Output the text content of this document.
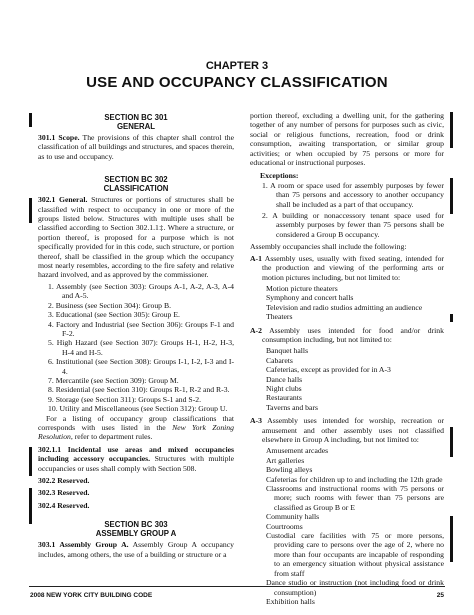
CHAPTER 3
USE AND OCCUPANCY CLASSIFICATION
SECTION BC 301
GENERAL

301.1 Scope. The provisions of this chapter shall control the classification of all buildings and structures, and spaces therein, as to use and occupancy.

SECTION BC 302
CLASSIFICATION

302.1 General. Structures or portions of structures shall be classified with respect to occupancy in one or more of the groups listed below. Structures with multiple uses shall be classified according to Section 302.1.1‡. Where a structure, or portion thereof, is proposed for a purpose which is not specifically provided for in this code, such structure, or portion thereof, shall be classified in the group which the occupancy most nearly resembles, according to the fire safety and relative hazard involved, and as approved by the commissioner.

1. Assembly (see Section 303): Groups A-1, A-2, A-3, A-4 and A-5.

2. Business (see Section 304): Group B.

3. Educational (see Section 305): Group E.

4. Factory and Industrial (see Section 306): Groups F-1 and F-2.

5. High Hazard (see Section 307): Groups H-1, H-2, H-3, H-4 and H-5.

6. Institutional (see Section 308): Groups I-1, I-2, I-3 and I-4.

7. Mercantile (see Section 309): Group M.

8. Residential (see Section 310): Groups R-1, R-2 and R-3.

9. Storage (see Section 311): Groups S-1 and S-2.

10. Utility and Miscellaneous (see Section 312): Group U.

For a listing of occupancy group classifications that corresponds with uses listed in the New York Zoning Resolution, refer to department rules.

302.1.1 Incidental use areas and mixed occupancies including accessory occupancies. Structures with multiple occupancies or uses shall comply with Section 508.

302.2 Reserved.

302.3 Reserved.

302.4 Reserved.

SECTION BC 303
ASSEMBLY GROUP A

303.1 Assembly Group A. Assembly Group A occupancy includes, among others, the use of a building or structure or a

portion thereof, excluding a dwelling unit, for the gathering together of any number of persons for purposes such as civic, social or religious functions, recreation, food or drink consumption, awaiting transportation, or similar group activities; or when occupied by 75 persons or more for educational or instructional purposes.

Exceptions:

1. A room or space used for assembly purposes by fewer than 75 persons and accessory to another occupancy shall be included as a part of that occupancy.

2. A building or nonaccessory tenant space used for assembly purposes by fewer than 75 persons shall be considered a Group B occupancy.

Assembly occupancies shall include the following:

A-1 Assembly uses, usually with fixed seating, intended for the production and viewing of the performing arts or motion pictures including, but not limited to:

Motion picture theaters

Symphony and concert halls

Television and radio studios admitting an audience

Theaters

A-2 Assembly uses intended for food and/or drink consumption including, but not limited to:

Banquet halls

Cabarets

Cafeterias, except as provided for in A-3

Dance halls

Night clubs

Restaurants

Taverns and bars

A-3 Assembly uses intended for worship, recreation or amusement and other assembly uses not classified elsewhere in Group A including, but not limited to:

Amusement arcades

Art galleries

Bowling alleys

Cafeterias for children up to and including the 12th grade

Classrooms and instructional rooms with 75 persons or more; such rooms with fewer than 75 persons are classified as Group B or E

Community halls

Courtrooms

Custodial care facilities with 75 or more persons, providing care to persons over the age of 2, where no more than four occupants are incapable of responding to an emergency situation without physical assistance from staff

Dance studio or instruction (not including food or drink consumption)

Exhibition halls

2008 NEW YORK CITY BUILDING CODE	25
